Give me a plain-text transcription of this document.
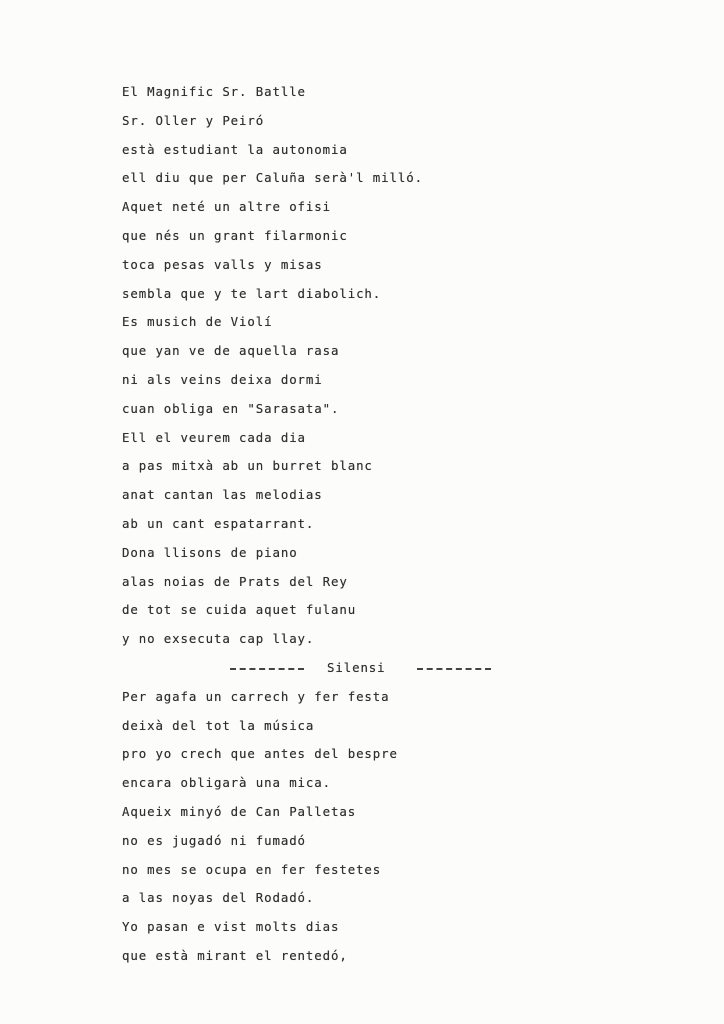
El Magnific Sr. Batlle
Sr. Oller y Peiró
està estudiant la autonomia
ell diu que per Caluña serà'l milló.
Aquet neté un altre ofisi
que nés un grant filarmonic
toca pesas valls y misas
sembla que y te lart diabolich.
Es musich de Violí
que yan ve de aquella rasa
ni als veins deixa dormi
cuan obliga en "Sarasata".
Ell el veurem cada dia
a pas mitxà ab un burret blanc
anat cantan las melodias
ab un cant espatarrant.
Dona llisons de piano
alas noias de Prats del Rey
de tot se cuida aquet fulanu
y no exsecuta cap llay.
Silensi
Per agafa un carrech y fer festa
deixà del tot la música
pro yo crech que antes del bespre
encara obligarà una mica.
Aqueix minyó de Can Palletas
no es jugadó ni fumadó
no mes se ocupa en fer festetes
a las noyas del Rodadó.
Yo pasan e vist molts dias
que està mirant el rentedó,
